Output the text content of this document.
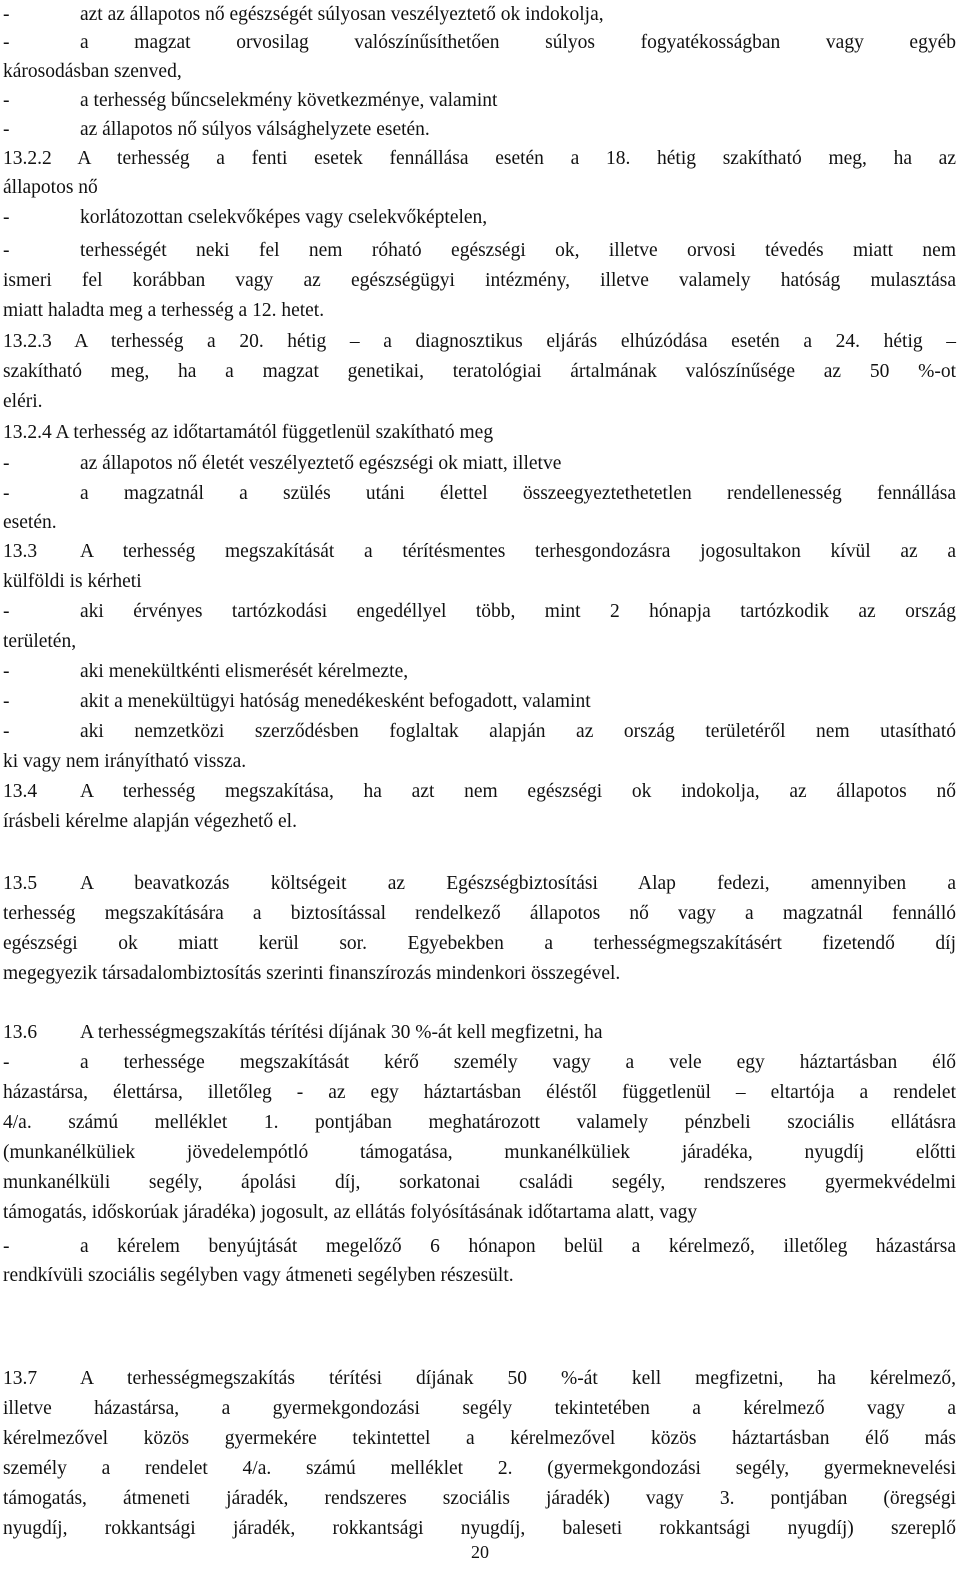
-	azt az állapotos nő egészségét súlyosan veszélyeztető ok indokolja,
-	a magzat orvosilag valószínűsíthetően súlyos fogyatékosságban vagy egyéb
károsodásban szenved,
-	a terhesség bűncselekmény következménye, valamint
-	az állapotos nő súlyos válsághelyzete esetén.
13.2.2 A terhesség a fenti esetek fennállása esetén a 18. hétig szakítható meg, ha az
állapotos nő
-	korlátozottan cselekvőképes vagy cselekvőképtelen,
-	terhességét neki fel nem róható egészségi ok, illetve orvosi tévedés miatt nem
ismeri fel korábban vagy az egészségügyi intézmény, illetve valamely hatóság mulasztása
miatt haladta meg a terhesség a 12. hetet.
13.2.3 A terhesség a 20. hétig – a diagnosztikus eljárás elhúzódása esetén a 24. hétig –
szakítható meg, ha a magzat genetikai, teratológiai ártalmának valószínűsége az 50 %-ot
eléri.
13.2.4 A terhesség az időtartamától függetlenül szakítható meg
-	az állapotos nő életét veszélyeztető egészségi ok miatt, illetve
-	a magzatnál a szülés utáni élettel összeegyeztethetetlen rendellenesség fennállása
esetén.
13.3 A terhesség megszakítását a térítésmentes terhesgondozásra jogosultakon kívül az a
külföldi is kérheti
-	aki érvényes tartózkodási engedéllyel több, mint 2 hónapja tartózkodik az ország
területén,
-	aki menekültkénti elismerését kérelmezte,
-	akit a menekültügyi hatóság menedékesként befogadott, valamint
-	aki nemzetközi szerződésben foglaltak alapján az ország területéről nem utasítható
ki vagy nem irányítható vissza.
13.4 A terhesség megszakítása, ha azt nem egészségi ok indokolja, az állapotos nő
írásbeli kérelme alapján végezhető el.
13.5 A beavatkozás költségeit az Egészségbiztosítási Alap fedezi, amennyiben a
terhesség megszakítására a biztosítással rendelkező állapotos nő vagy a magzatnál fennálló
egészségi ok miatt kerül sor. Egyebekben a terhességmegszakításért fizetendő díj
megegyezik társadalombiztosítás szerinti finanszírozás mindenkori összegével.
13.6 A terhességmegszakítás térítési díjának 30 %-át kell megfizetni, ha
-	a terhessége megszakítását kérő személy vagy a vele egy háztartásban élő
házastársa, élettársa, illetőleg - az egy háztartásban éléstől függetlenül – eltartója a rendelet
4/a. számú melléklet 1. pontjában meghatározott valamely pénzbeli szociális ellátásra
(munkanélküliek jövedelempótló támogatása, munkanélküliek járadéka, nyugdíj előtti
munkanélküli segély, ápolási díj, sorkatonai családi segély, rendszeres gyermekvédelmi
támogatás, időskorúak járadéka) jogosult, az ellátás folyósításának időtartama alatt, vagy
-	a kérelem benyújtását megelőző 6 hónapon belül a kérelmező, illetőleg házastársa
rendkívüli szociális segélyben vagy átmeneti segélyben részesült.
13.7 A terhességmegszakítás térítési díjának 50 %-át kell megfizetni, ha kérelmező,
illetve házastársa, a gyermekgondozási segély tekintetében a kérelmező vagy a
kérelmezővel közös gyermekére tekintettel a kérelmezővel közös háztartásban élő más
személy a rendelet 4/a. számú melléklet 2. (gyermekgondozási segély, gyermeknevelési
támogatás, átmeneti járadék, rendszeres szociális járadék) vagy 3. pontjában (öregségi
nyugdíj, rokkantsági járadék, rokkantsági nyugdíj, baleseti rokkantsági nyugdíj) szereplő
20
